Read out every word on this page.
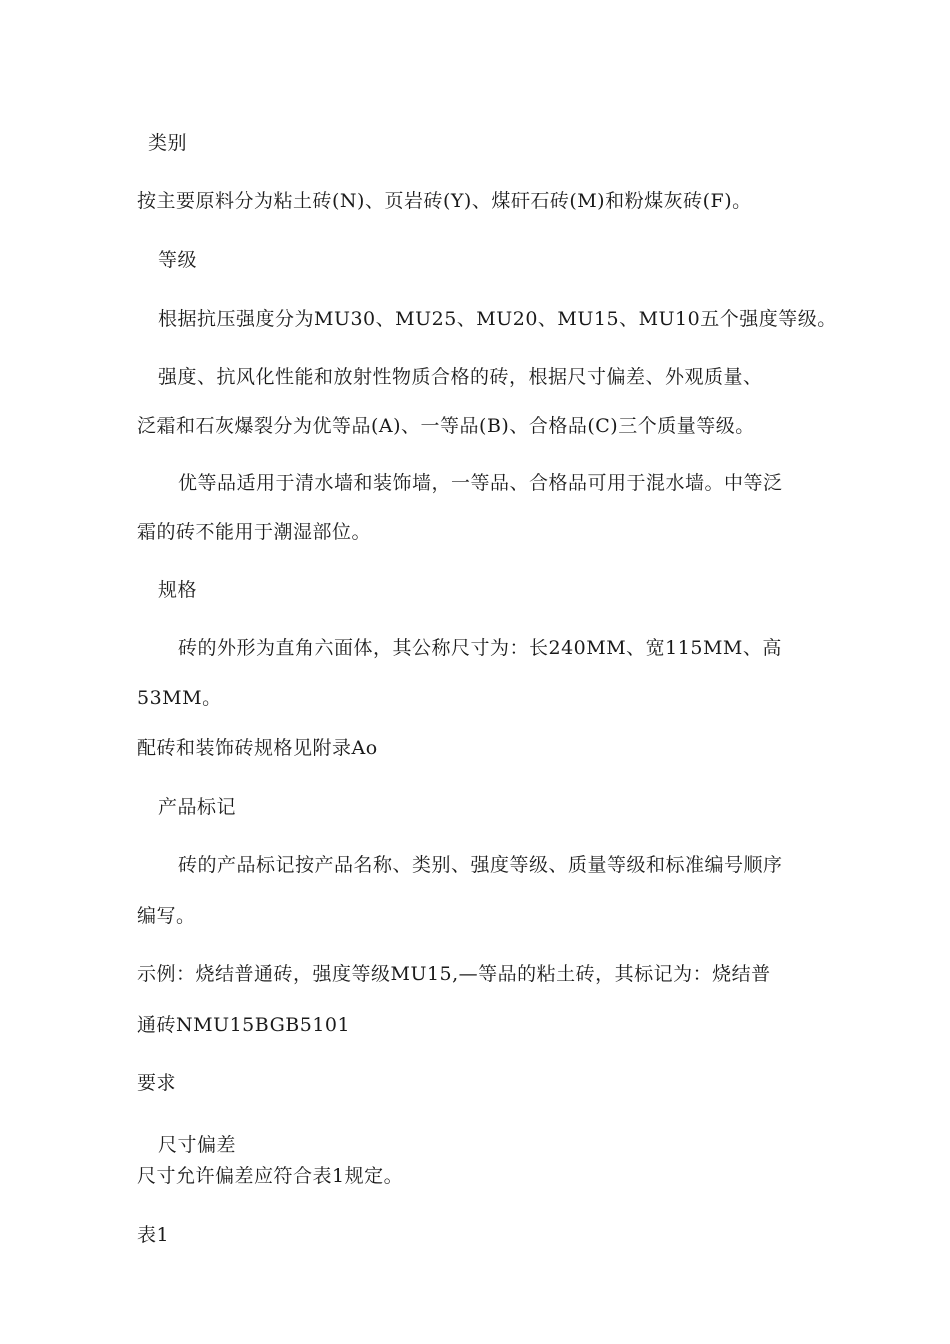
类别
按主要原料分为粘土砖(N)、页岩砖(Y)、煤矸石砖(M)和粉煤灰砖(F)。
等级
根据抗压强度分为MU30、MU25、MU20、MU15、MU10五个强度等级。
强度、抗风化性能和放射性物质合格的砖，根据尺寸偏差、外观质量、
泛霜和石灰爆裂分为优等品(A)、一等品(B)、合格品(C)三个质量等级。
优等品适用于清水墙和装饰墙，一等品、合格品可用于混水墙。中等泛
霜的砖不能用于潮湿部位。
规格
砖的外形为直角六面体，其公称尺寸为：长240MM、宽115MM、高
53MM。
配砖和装饰砖规格见附录Ao
产品标记
砖的产品标记按产品名称、类别、强度等级、质量等级和标准编号顺序
编写。
示例：烧结普通砖，强度等级MU15,—等品的粘土砖，其标记为：烧结普
通砖NMU15BGB5101
要求
尺寸偏差
尺寸允许偏差应符合表1规定。
表1
